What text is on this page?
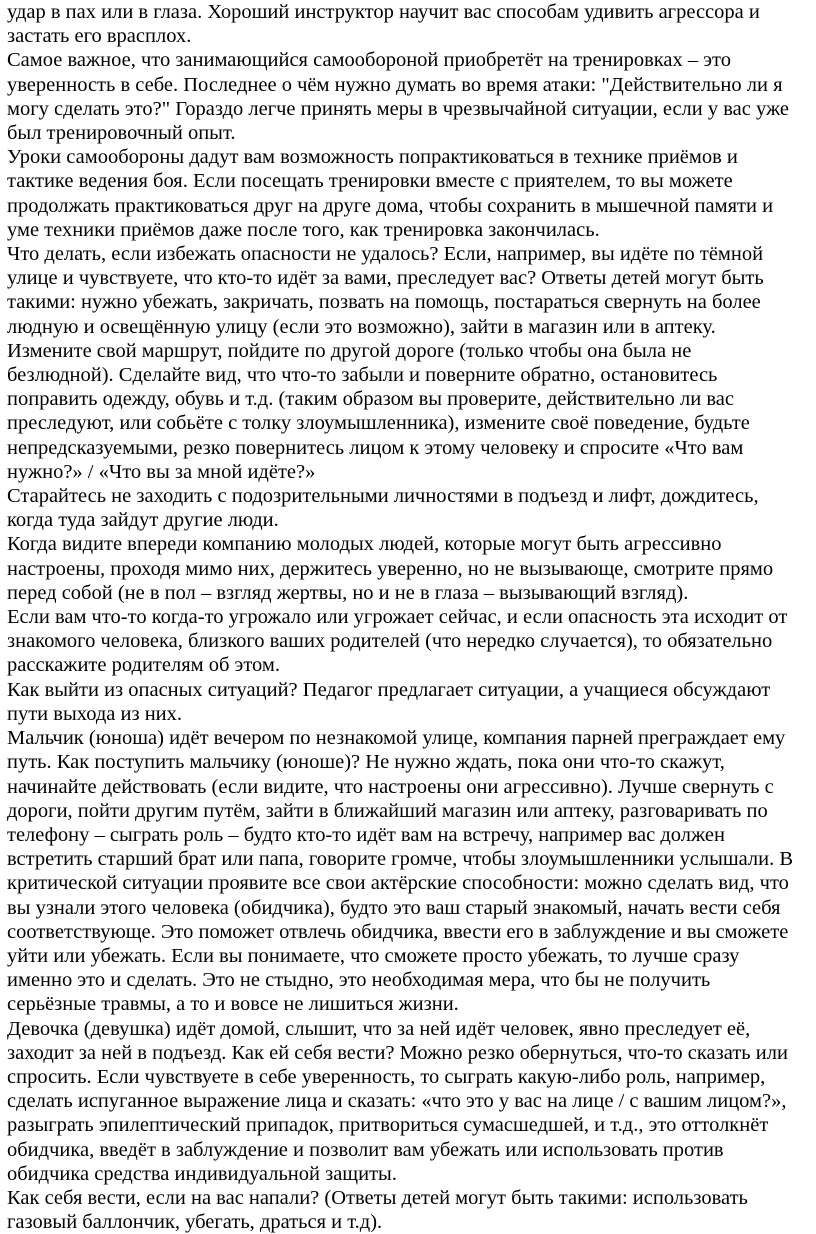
удар в пах или в глаза. Хороший инструктор научит вас способам удивить агрессора и
застать его врасплох.

Самое важное, что занимающийся самообороной приобретёт на тренировках – это
уверенность в себе. Последнее о чём нужно думать во время атаки: "Действительно ли я
могу сделать это?" Гораздо легче принять меры в чрезвычайной ситуации, если у вас уже
был тренировочный опыт.

Уроки самообороны дадут вам возможность попрактиковаться в технике приёмов и
тактике ведения боя. Если посещать тренировки вместе с приятелем, то вы можете
продолжать практиковаться друг на друге дома, чтобы сохранить в мышечной памяти и
уме техники приёмов даже после того, как тренировка закончилась.

Что делать, если избежать опасности не удалось? Если, например, вы идёте по тёмной
улице и чувствуете, что кто-то идёт за вами, преследует вас? Ответы детей могут быть
такими: нужно убежать, закричать, позвать на помощь, постараться свернуть на более
людную и освещённую улицу (если это возможно), зайти в магазин или в аптеку.

Измените свой маршрут, пойдите по другой дороге (только чтобы она была не
безлюдной). Сделайте вид, что что-то забыли и поверните обратно, остановитесь
поправить одежду, обувь и т.д. (таким образом вы проверите, действительно ли вас
преследуют, или собьёте с толку злоумышленника), измените своё поведение, будьте
непредсказуемыми, резко повернитесь лицом к этому человеку и спросите «Что вам
нужно?» / «Что вы за мной идёте?»

Старайтесь не заходить с подозрительными личностями в подъезд и лифт, дождитесь,
когда туда зайдут другие люди.

Когда видите впереди компанию молодых людей, которые могут быть агрессивно
настроены, проходя мимо них, держитесь уверенно, но не вызывающе, смотрите прямо
перед собой (не в пол – взгляд жертвы, но и не в глаза – вызывающий взгляд).

Если вам что-то когда-то угрожало или угрожает сейчас, и если опасность эта исходит от
знакомого человека, близкого ваших родителей (что нередко случается), то обязательно
расскажите родителям об этом.

Как выйти из опасных ситуаций? Педагог предлагает ситуации, а учащиеся обсуждают
пути выхода из них.

Мальчик (юноша) идёт вечером по незнакомой улице, компания парней преграждает ему
путь. Как поступить мальчику (юноше)? Не нужно ждать, пока они что-то скажут,
начинайте действовать (если видите, что настроены они агрессивно). Лучше свернуть с
дороги, пойти другим путём, зайти в ближайший магазин или аптеку, разговаривать по
телефону – сыграть роль – будто кто-то идёт вам на встречу, например вас должен
встретить старший брат или папа, говорите громче, чтобы злоумышленники услышали. В
критической ситуации проявите все свои актёрские способности: можно сделать вид, что
вы узнали этого человека (обидчика), будто это ваш старый знакомый, начать вести себя
соответствующе. Это поможет отвлечь обидчика, ввести его в заблуждение и вы сможете
уйти или убежать. Если вы понимаете, что сможете просто убежать, то лучше сразу
именно это и сделать. Это не стыдно, это необходимая мера, что бы не получить
серьёзные травмы, а то и вовсе не лишиться жизни.

Девочка (девушка) идёт домой, слышит, что за ней идёт человек, явно преследует её,
заходит за ней в подъезд. Как ей себя вести? Можно резко обернуться, что-то сказать или
спросить. Если чувствуете в себе уверенность, то сыграть какую-либо роль, например,
сделать испуганное выражение лица и сказать: «что это у вас на лице / с вашим лицом?»,
разыграть эпилептический припадок, притвориться сумасшедшей, и т.д., это оттолкнёт
обидчика, введёт в заблуждение и позволит вам убежать или использовать против
обидчика средства индивидуальной защиты.

Как себя вести, если на вас напали? (Ответы детей могут быть такими: использовать
газовый баллончик, убегать, драться и т.д).
